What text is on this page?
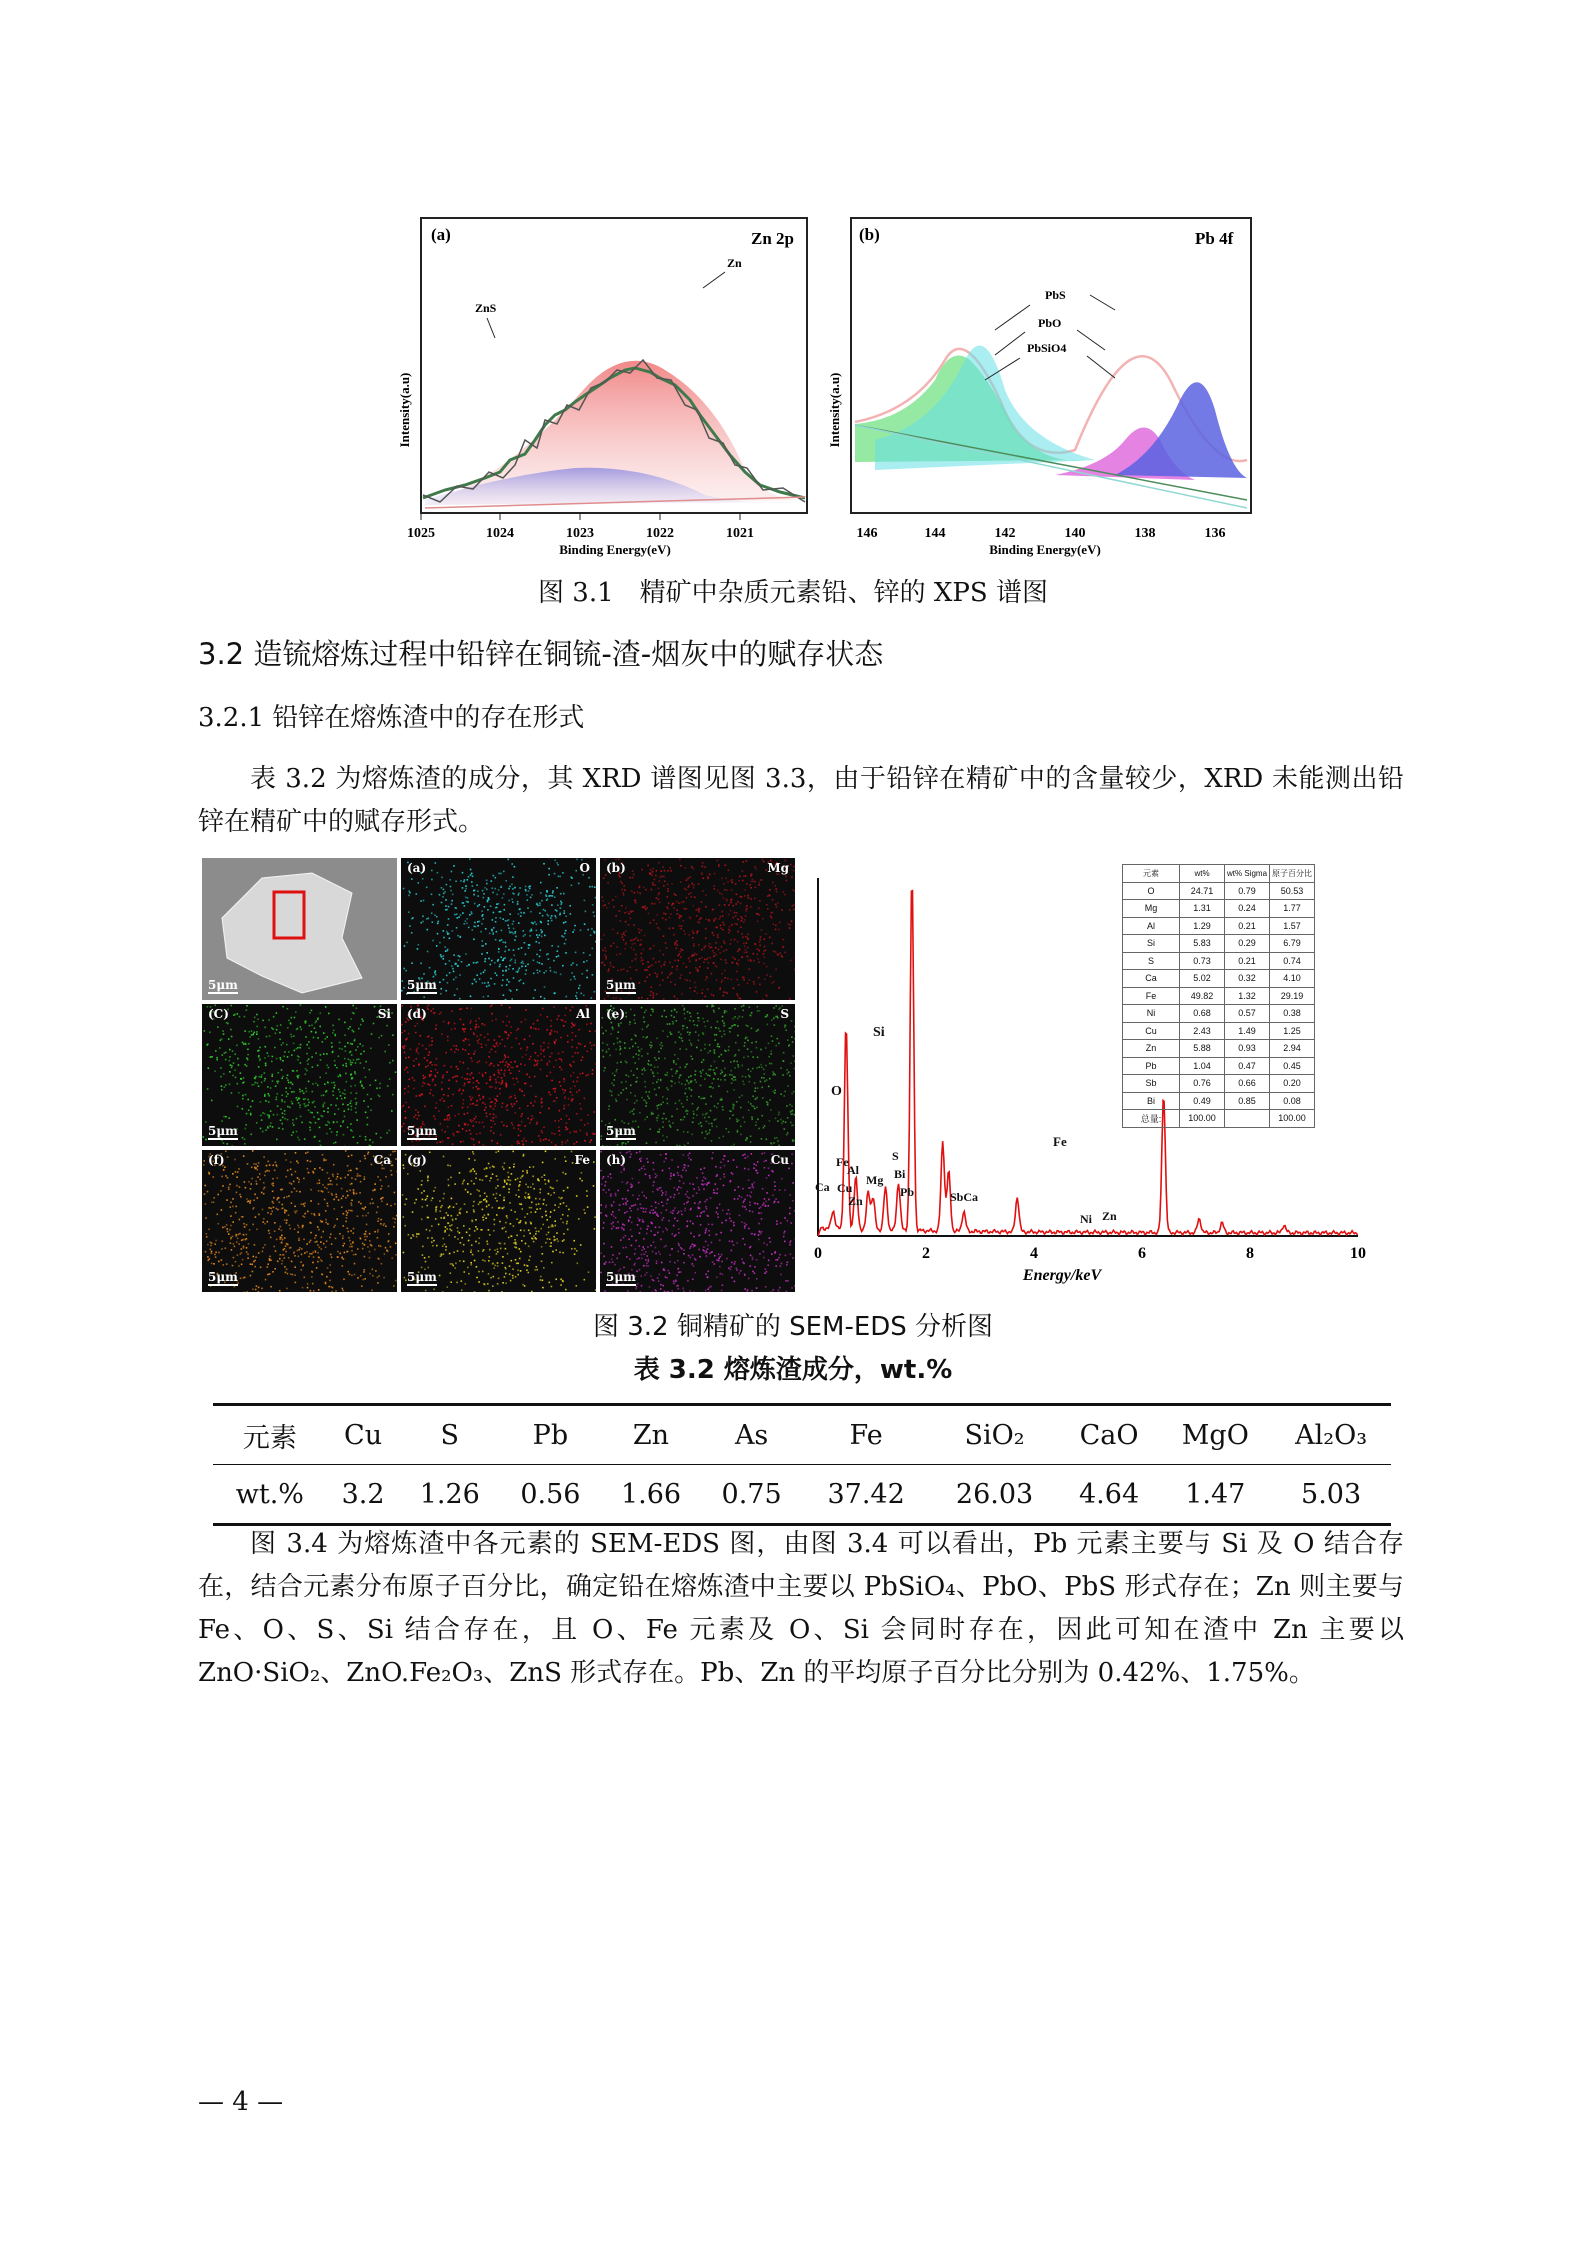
(a)	Zn 2p
ZnS
Zn
Intensity(a.u)
1025	1024	1023	1022	1021
Binding Energy(eV)
(b)	Pb 4f
PbS
PbO
PbSiO4
Intensity(a.u)
146	144	142	140	138	136
Binding Energy(eV)
图 3.1　精矿中杂质元素铅、锌的 XPS 谱图
3.2 造锍熔炼过程中铅锌在铜锍-渣-烟灰中的赋存状态
3.2.1 铅锌在熔炼渣中的存在形式
表 3.2 为熔炼渣的成分，其 XRD 谱图见图 3.3，由于铅锌在精矿中的含量较少，XRD 未能测出铅锌在精矿中的赋存形式。
5μm
(a)	O
5μm
(b)	Mg
5μm
(C)	Si
5μm
(d)	Al
5μm
(e)	S
5μm
(f)	Ca
5μm
(g)	Fe
5μm
(h)	Cu
5μm
Si
O
Fe
Al
Cu
Mg
Ca
Zn
S
Bi
Pb	SbCa
Fe
Ni Zn
0	2	4	6	8	10
Energy/keV
元素	wt%	wt% Sigma	原子百分比
O	24.71	0.79	50.53
Mg	1.31	0.24	1.77
Al	1.29	0.21	1.57
Si	5.83	0.29	6.79
S	0.73	0.21	0.74
Ca	5.02	0.32	4.10
Fe	49.82	1.32	29.19
Ni	0.68	0.57	0.38
Cu	2.43	1.49	1.25
Zn	5.88	0.93	2.94
Pb	1.04	0.47	0.45
Sb	0.76	0.66	0.20
Bi	0.49	0.85	0.08
总量:	100.00		100.00
图 3.2 铜精矿的 SEM-EDS 分析图
表 3.2 熔炼渣成分，wt.%
元素	Cu	S	Pb	Zn	As	Fe	SiO₂	CaO	MgO	Al₂O₃
wt.%	3.2	1.26	0.56	1.66	0.75	37.42	26.03	4.64	1.47	5.03
图 3.4 为熔炼渣中各元素的 SEM-EDS 图，由图 3.4 可以看出，Pb 元素主要与 Si 及 O 结合存在，结合元素分布原子百分比，确定铅在熔炼渣中主要以 PbSiO₄、PbO、PbS 形式存在；Zn 则主要与 Fe、O、S、Si 结合存在，且 O、Fe 元素及 O、Si 会同时存在，因此可知在渣中 Zn 主要以 ZnO·SiO₂、ZnO.Fe₂O₃、ZnS 形式存在。Pb、Zn 的平均原子百分比分别为 0.42%、1.75%。
— 4 —
